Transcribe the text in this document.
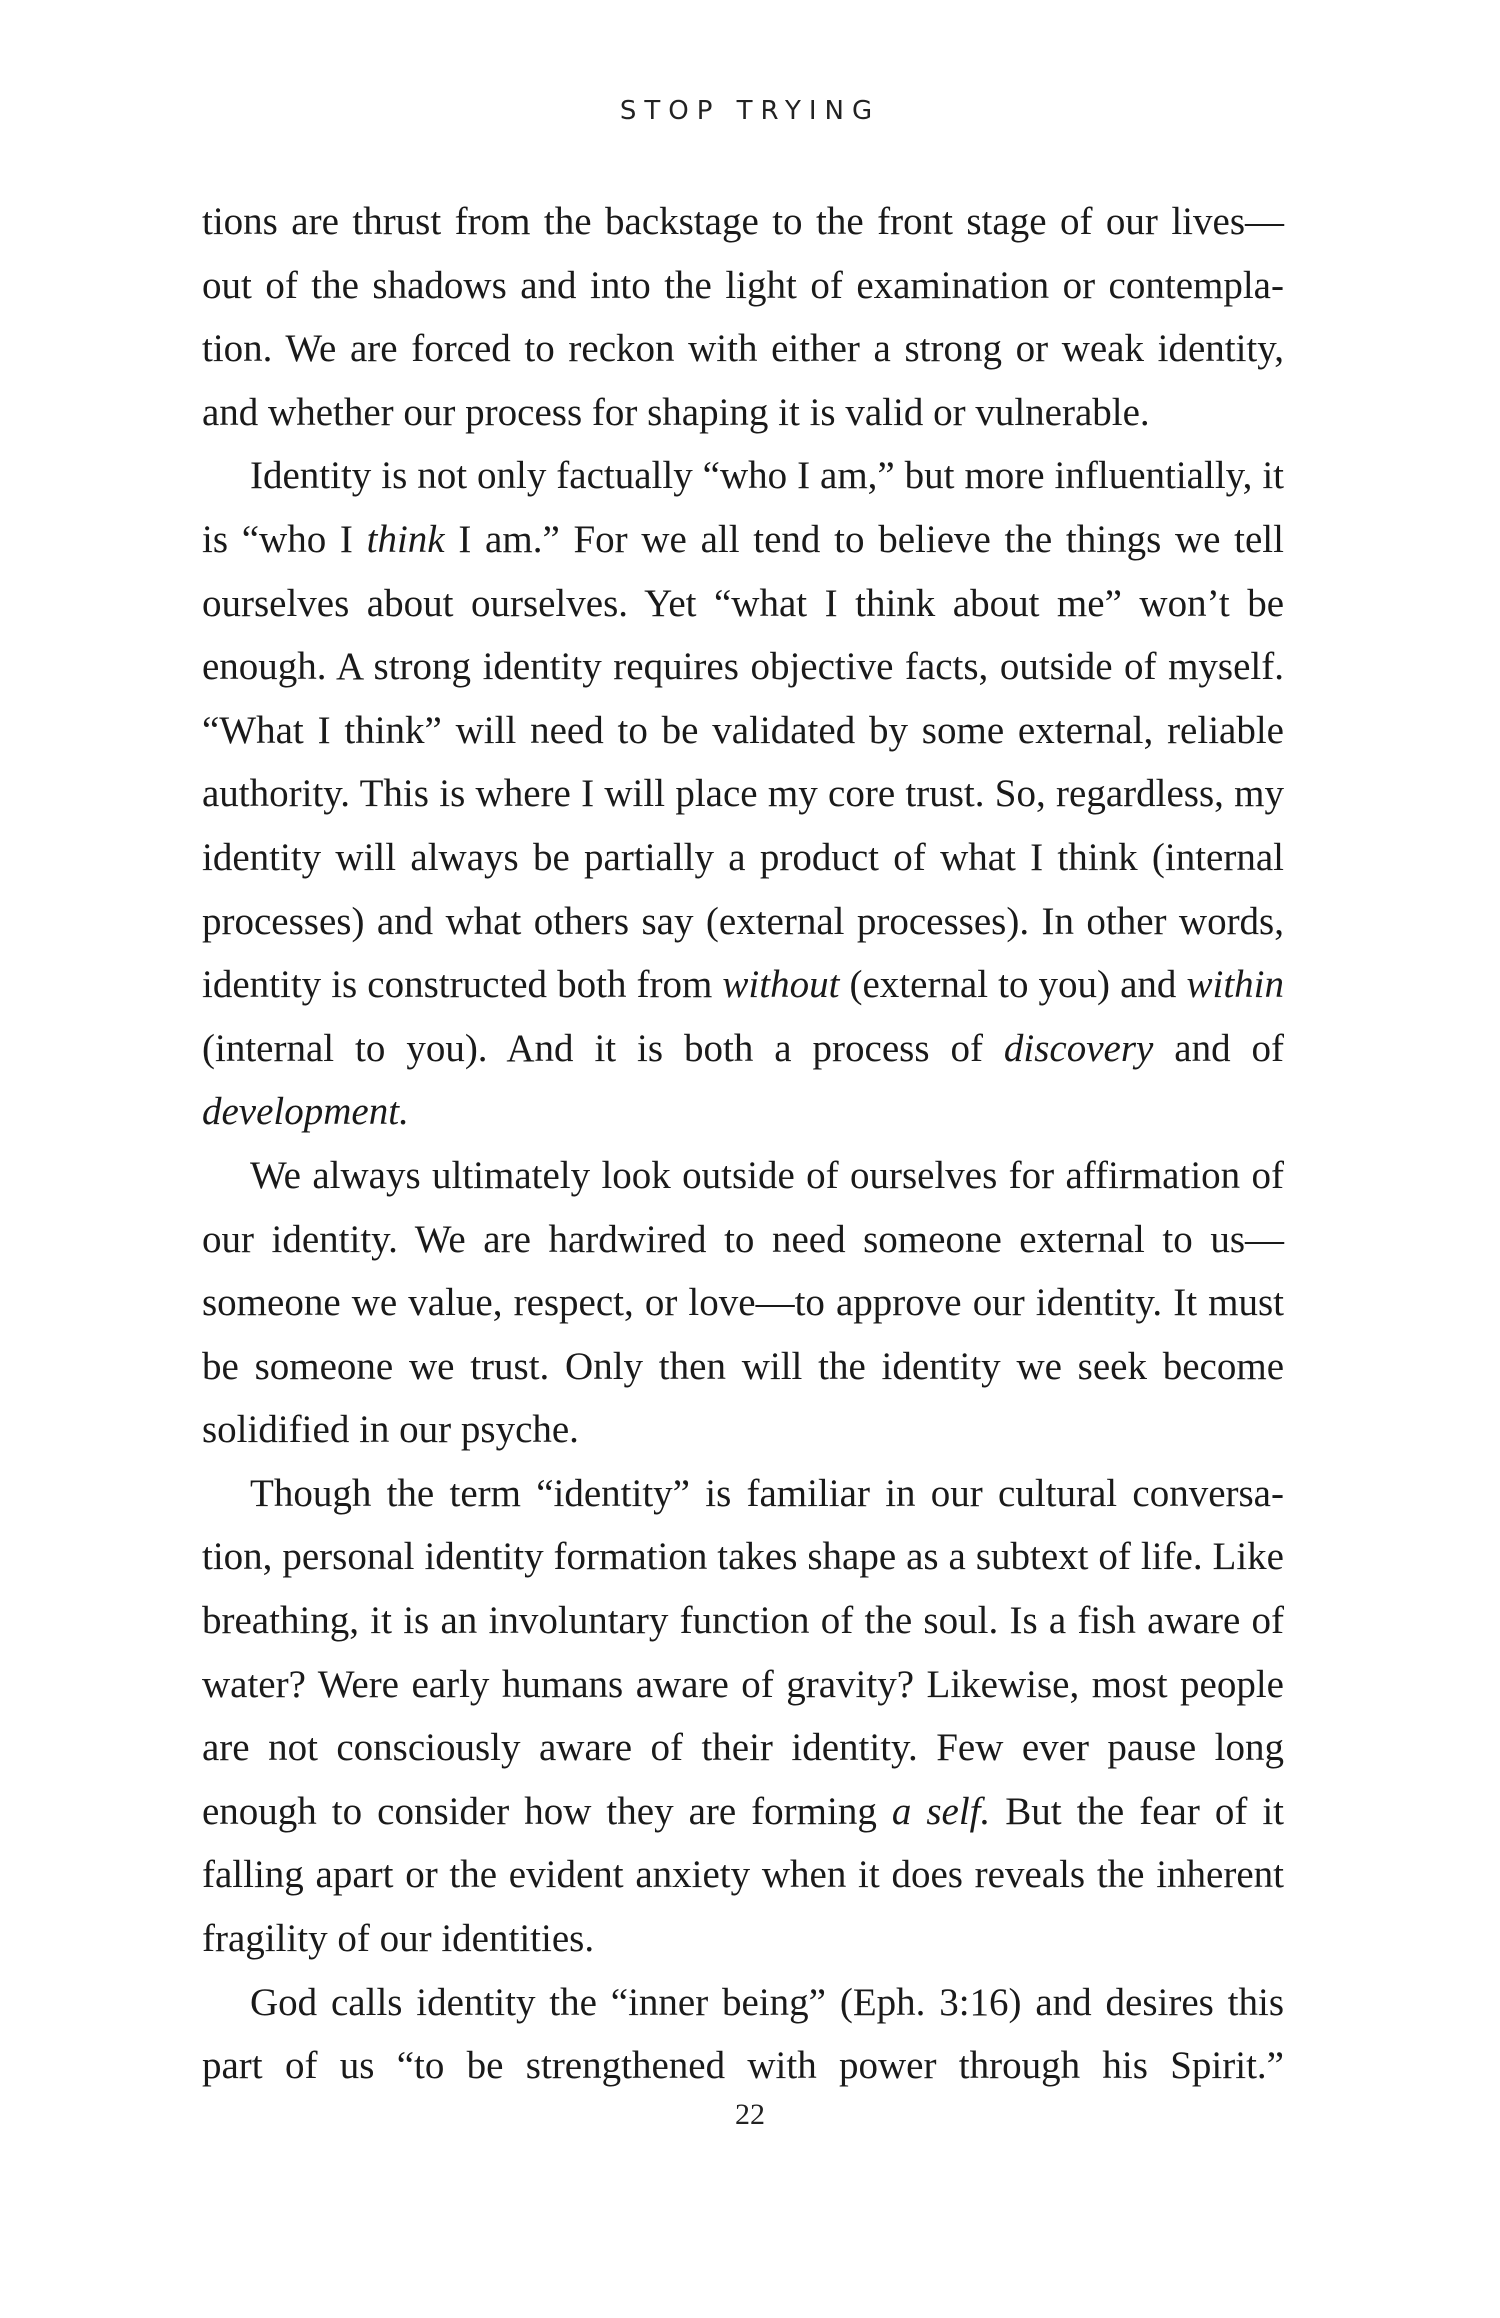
STOP TRYING

tions are thrust from the backstage to the front stage of our lives—out of the shadows and into the light of examination or contemplation. We are forced to reckon with either a strong or weak identity, and whether our process for shaping it is valid or vulnerable.

Identity is not only factually “who I am,” but more influentially, it is “who I think I am.” For we all tend to believe the things we tell ourselves about ourselves. Yet “what I think about me” won’t be enough. A strong identity requires objective facts, outside of myself. “What I think” will need to be validated by some external, reliable authority. This is where I will place my core trust. So, regardless, my identity will always be partially a product of what I think (internal processes) and what others say (external processes). In other words, identity is constructed both from without (external to you) and within (internal to you). And it is both a process of discovery and of development.

We always ultimately look outside of ourselves for affirmation of our identity. We are hardwired to need someone external to us—someone we value, respect, or love—to approve our identity. It must be someone we trust. Only then will the identity we seek become solidified in our psyche.

Though the term “identity” is familiar in our cultural conversation, personal identity formation takes shape as a subtext of life. Like breathing, it is an involuntary function of the soul. Is a fish aware of water? Were early humans aware of gravity? Likewise, most people are not consciously aware of their identity. Few ever pause long enough to consider how they are forming a self. But the fear of it falling apart or the evident anxiety when it does reveals the inherent fragility of our identities.

God calls identity the “inner being” (Eph. 3:16) and desires this part of us “to be strengthened with power through his Spirit.”

22
